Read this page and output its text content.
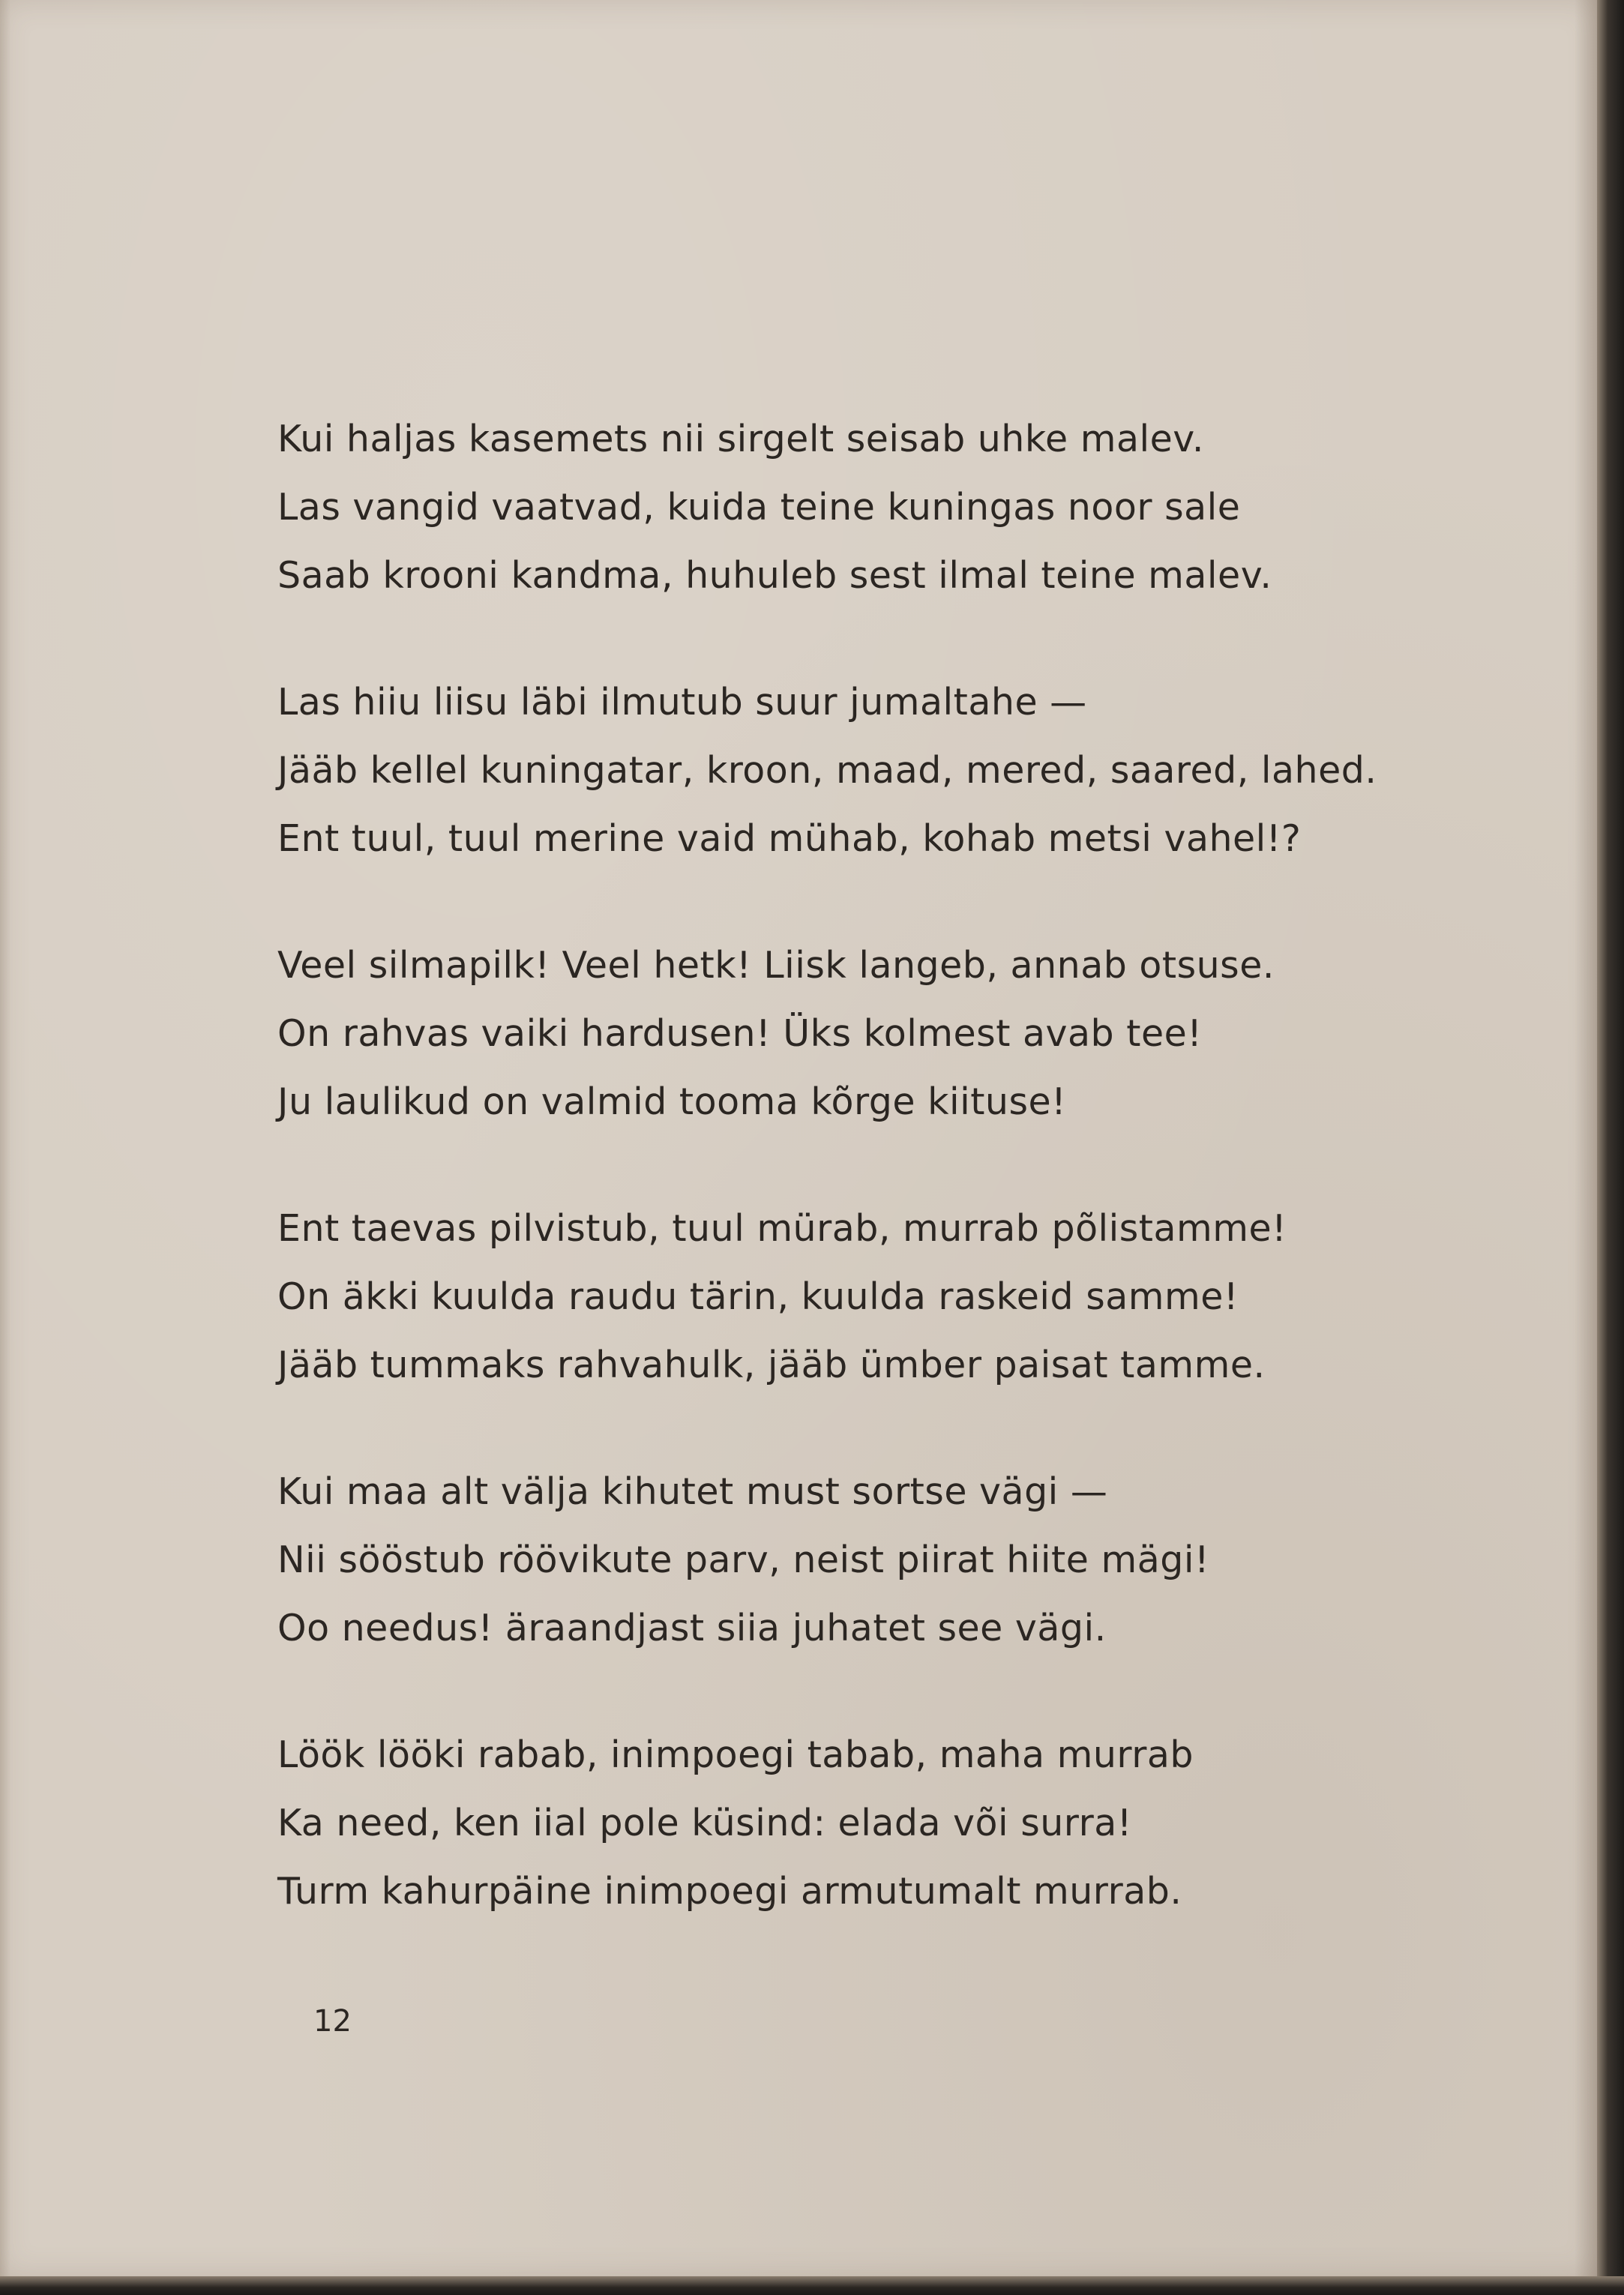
Kui haljas kasemets nii sirgelt seisab uhke malev.
Las vangid vaatvad, kuida teine kuningas noor sale
Saab krooni kandma, huhuleb sest ilmal teine malev.
Las hiiu liisu läbi ilmutub suur jumaltahe —
Jääb kellel kuningatar, kroon, maad, mered, saared, lahed.
Ent tuul, tuul merine vaid mühab, kohab metsi vahel!?
Veel silmapilk! Veel hetk! Liisk langeb, annab otsuse.
On rahvas vaiki hardusen! Üks kolmest avab tee!
Ju laulikud on valmid tooma kõrge kiituse!
Ent taevas pilvistub, tuul mürab, murrab põlistamme!
On äkki kuulda raudu tärin, kuulda raskeid samme!
Jääb tummaks rahvahulk, jääb ümber paisat tamme.
Kui maa alt välja kihutet must sortse vägi —
Nii sööstub röövikute parv, neist piirat hiite mägi!
Oo needus! äraandjast siia juhatet see vägi.
Löök lööki rabab, inimpoegi tabab, maha murrab
Ka need, ken iial pole küsind: elada või surra!
Turm kahurpäine inimpoegi armutumalt murrab.
12
